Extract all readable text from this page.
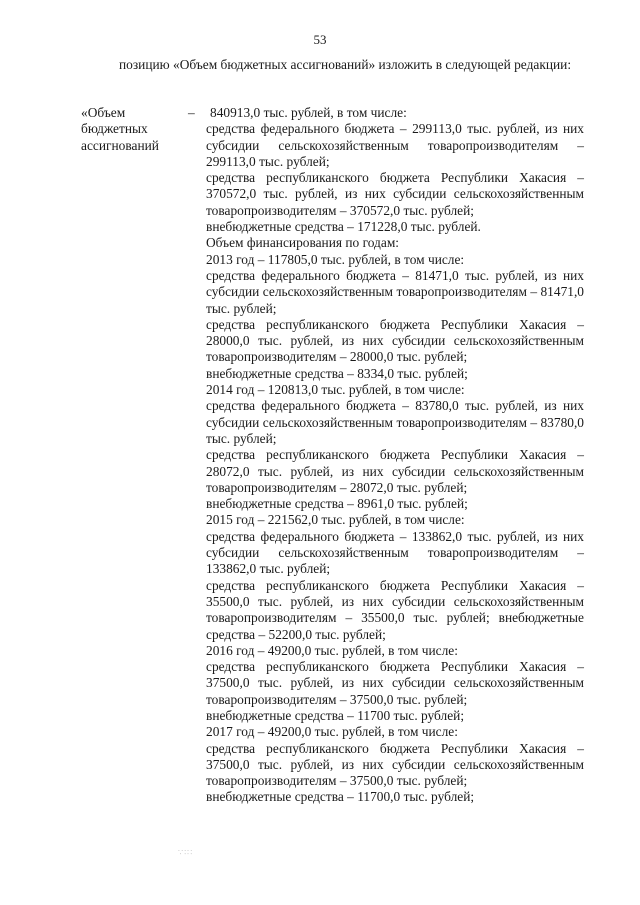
53
позицию «Объем бюджетных ассигнований» изложить в следующей редакции:
«Объем бюджетных ассигнований
– 840913,0 тыс. рублей, в том числе:
средства федерального бюджета – 299113,0 тыс. рублей, из них субсидии сельскохозяйственным товаропроизводителям – 299113,0 тыс. рублей;
средства республиканского бюджета Республики Хакасия – 370572,0 тыс. рублей, из них субсидии сельскохозяйственным товаропроизводителям – 370572,0 тыс. рублей;
внебюджетные средства – 171228,0 тыс. рублей.
Объем финансирования по годам:
2013 год – 117805,0 тыс. рублей, в том числе:
средства федерального бюджета – 81471,0 тыс. рублей, из них субсидии сельскохозяйственным товаропроизводителям – 81471,0 тыс. рублей;
средства республиканского бюджета Республики Хакасия – 28000,0 тыс. рублей, из них субсидии сельскохозяйственным товаропроизводителям – 28000,0 тыс. рублей;
внебюджетные средства – 8334,0 тыс. рублей;
2014 год – 120813,0 тыс. рублей, в том числе:
средства федерального бюджета – 83780,0 тыс. рублей, из них субсидии сельскохозяйственным товаропроизводителям – 83780,0 тыс. рублей;
средства республиканского бюджета Республики Хакасия – 28072,0 тыс. рублей, из них субсидии сельскохозяйственным товаропроизводителям – 28072,0 тыс. рублей;
внебюджетные средства – 8961,0 тыс. рублей;
2015 год – 221562,0 тыс. рублей, в том числе:
средства федерального бюджета – 133862,0 тыс. рублей, из них субсидии сельскохозяйственным товаропроизводителям – 133862,0 тыс. рублей;
средства республиканского бюджета Республики Хакасия – 35500,0 тыс. рублей, из них субсидии сельскохозяйственным товаропроизводителям – 35500,0 тыс. рублей; внебюджетные средства – 52200,0 тыс. рублей;
2016 год – 49200,0 тыс. рублей, в том числе:
средства республиканского бюджета Республики Хакасия – 37500,0 тыс. рублей, из них субсидии сельскохозяйственным товаропроизводителям – 37500,0 тыс. рублей;
внебюджетные средства – 11700 тыс. рублей;
2017 год – 49200,0 тыс. рублей, в том числе:
средства республиканского бюджета Республики Хакасия – 37500,0 тыс. рублей, из них субсидии сельскохозяйственным товаропроизводителям – 37500,0 тыс. рублей;
внебюджетные средства – 11700,0 тыс. рублей;
∵∶∷
